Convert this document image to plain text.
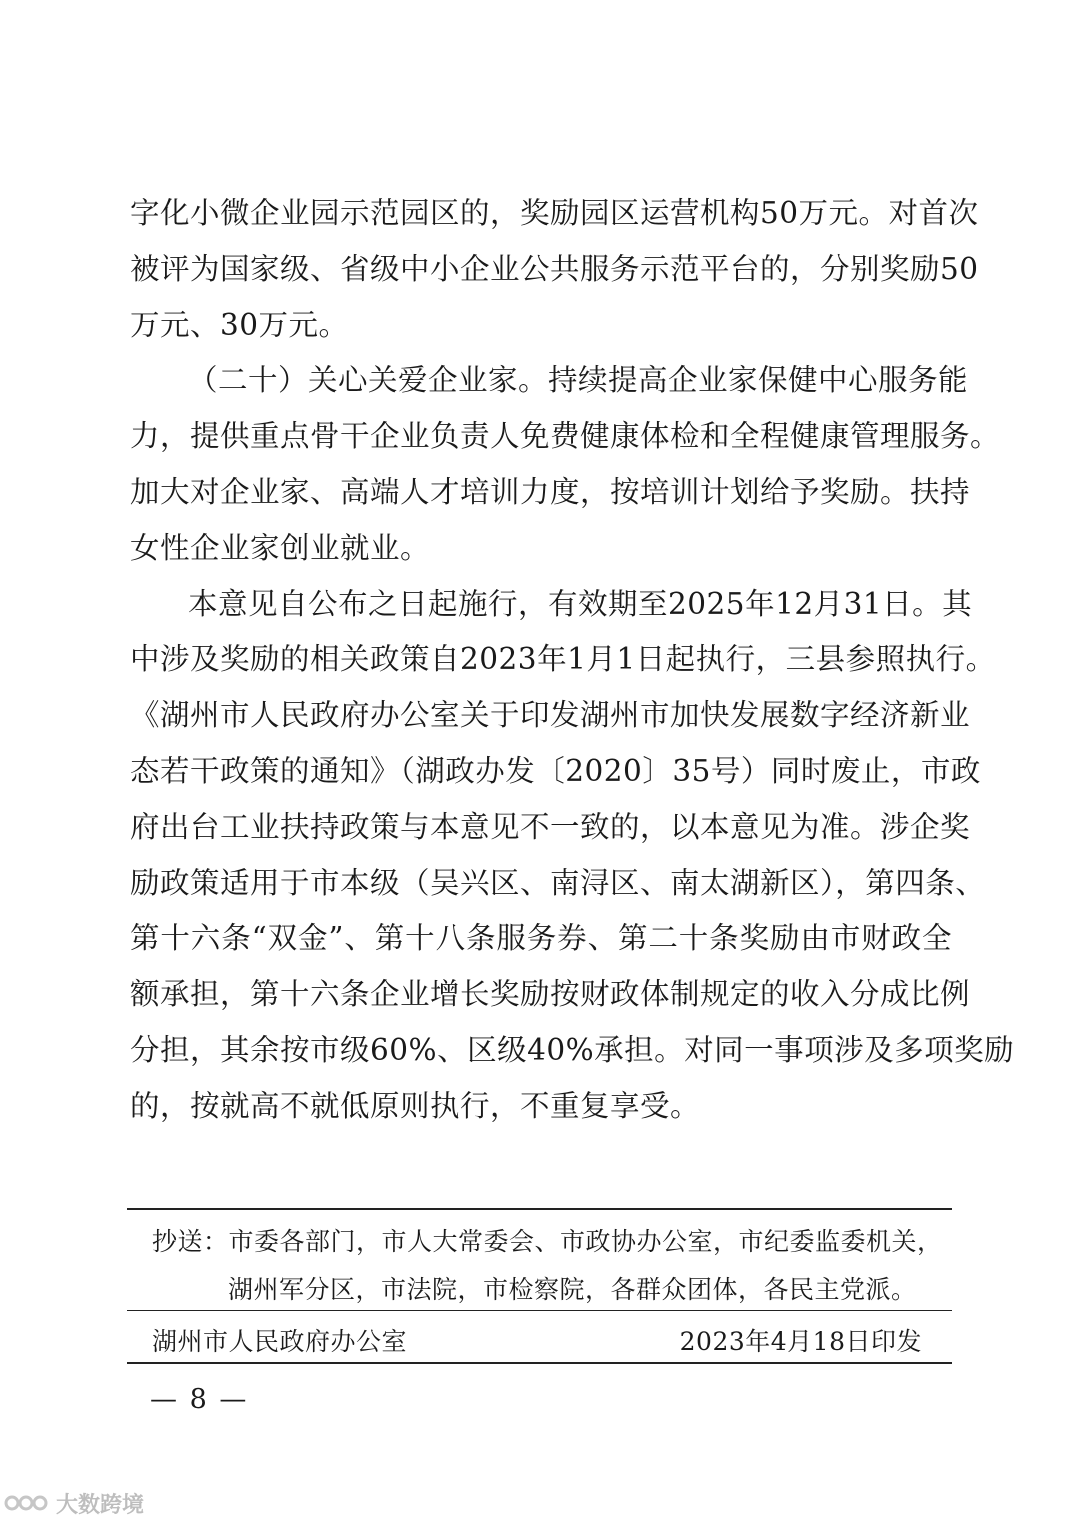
字化小微企业园示范园区的，奖励园区运营机构50万元。对首次
被评为国家级、省级中小企业公共服务示范平台的，分别奖励50
万元、30万元。
（二十）关心关爱企业家。持续提高企业家保健中心服务能
力，提供重点骨干企业负责人免费健康体检和全程健康管理服务。
加大对企业家、高端人才培训力度，按培训计划给予奖励。扶持
女性企业家创业就业。
本意见自公布之日起施行，有效期至2025年12月31日。其
中涉及奖励的相关政策自2023年1月1日起执行，三县参照执行。
《湖州市人民政府办公室关于印发湖州市加快发展数字经济新业
态若干政策的通知》（湖政办发〔2020〕35号）同时废止，市政
府出台工业扶持政策与本意见不一致的，以本意见为准。涉企奖
励政策适用于市本级（吴兴区、南浔区、南太湖新区），第四条、
第十六条“双金”、第十八条服务券、第二十条奖励由市财政全
额承担，第十六条企业增长奖励按财政体制规定的收入分成比例
分担，其余按市级60%、区级40%承担。对同一事项涉及多项奖励
的，按就高不就低原则执行，不重复享受。
抄送：市委各部门，市人大常委会、市政协办公室，市纪委监委机关，
湖州军分区，市法院，市检察院，各群众团体，各民主党派。
湖州市人民政府办公室	2023年4月18日印发
— 8 —
大数跨境
